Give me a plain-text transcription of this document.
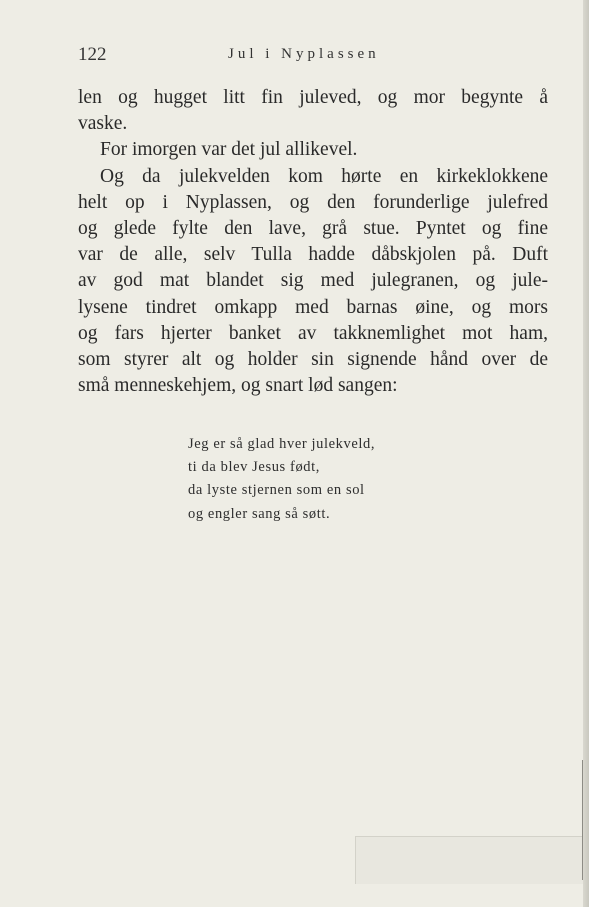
122	Jul i Nyplassen
len og hugget litt fin juleved, og mor begynte å
vaske.
For imorgen var det jul allikevel.
Og da julekvelden kom hørte en kirkeklokkene
helt op i Nyplassen, og den forunderlige julefred
og glede fylte den lave, grå stue. Pyntet og fine
var de alle, selv Tulla hadde dåbskjolen på. Duft
av god mat blandet sig med julegranen, og jule-
lysene tindret omkapp med barnas øine, og mors
og fars hjerter banket av takknemlighet mot ham,
som styrer alt og holder sin signende hånd over de
små menneskehjem, og snart lød sangen:
Jeg er så glad hver julekveld,
ti da blev Jesus født,
da lyste stjernen som en sol
og engler sang så søtt.
